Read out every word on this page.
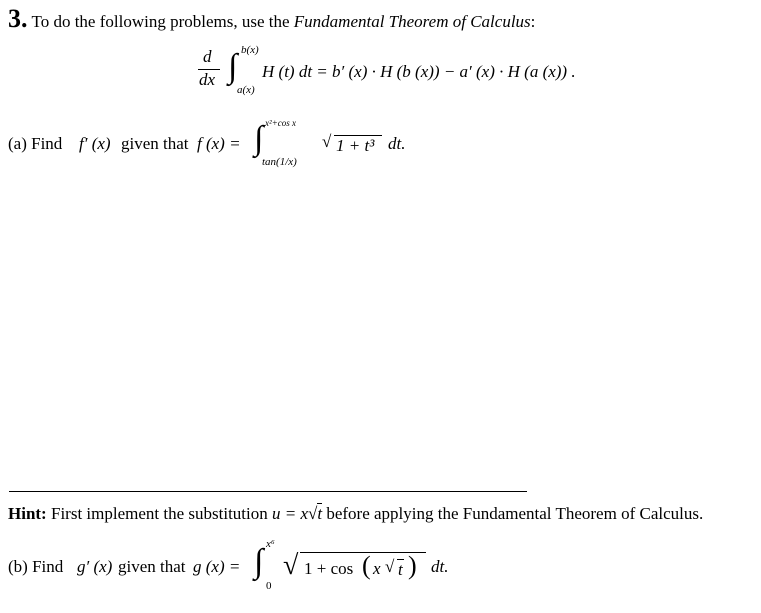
3. To do the following problems, use the Fundamental Theorem of Calculus:
d
dx ∫ b(x)
a(x)
H (t) dt = b′ (x) · H (b (x)) − a′ (x) · H (a (x)) .
(a) Find f′ (x) given that f (x) = ∫ x²+cos x
tan(1/x)
√ 1 + t³ dt.
Hint: First implement the substitution u = x√t before applying the Fundamental Theorem of Calculus.
(b) Find g′ (x) given that g (x) = ∫ x⁶
0
√ 1 + cos ( x √ t ) dt.
